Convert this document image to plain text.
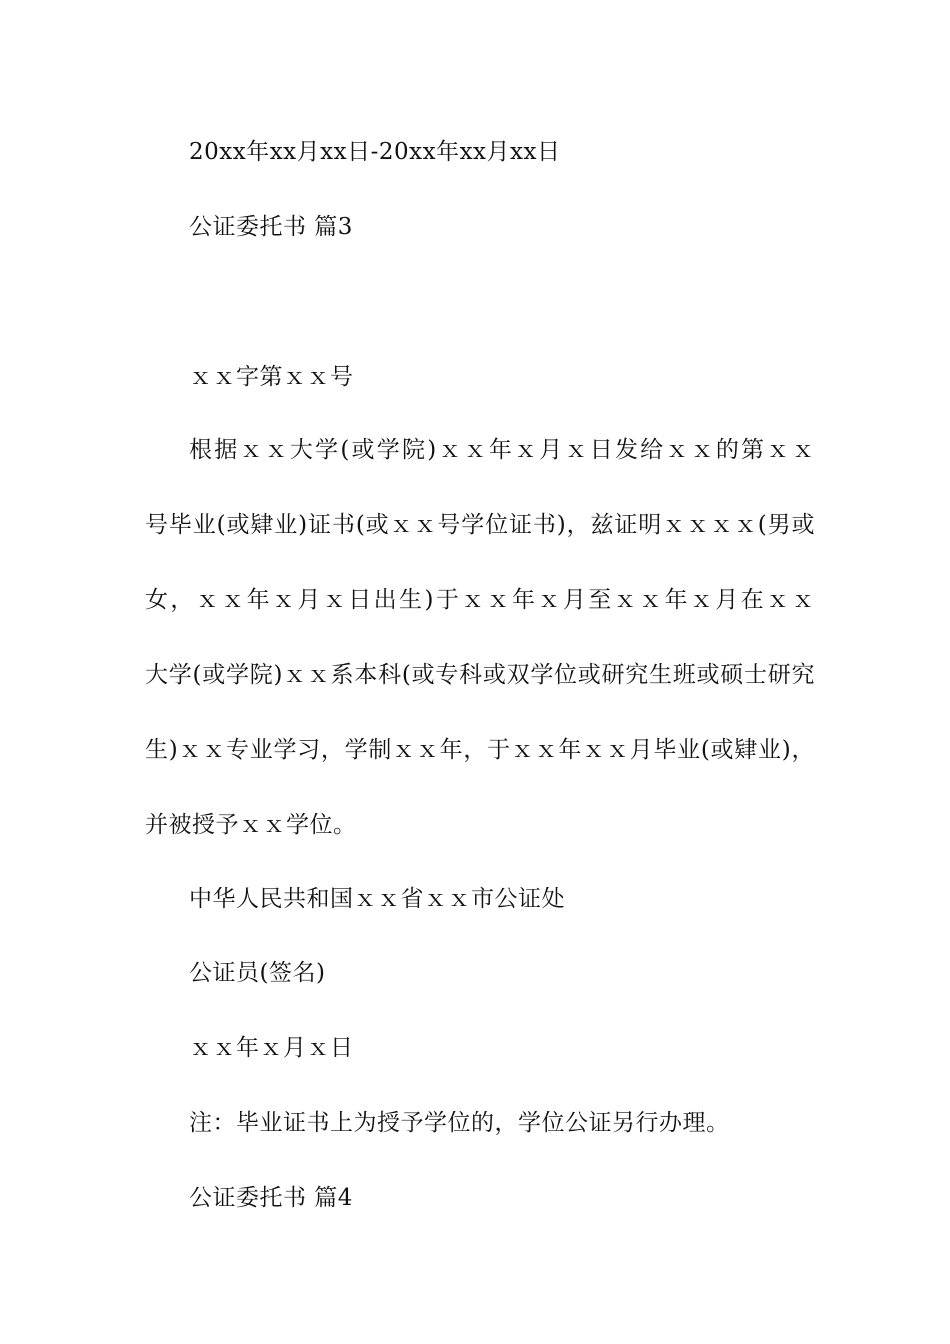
20xx年xx月xx日-20xx年xx月xx日
公证委托书 篇3
ｘｘ字第ｘｘ号
根据ｘｘ大学(或学院)ｘｘ年ｘ月ｘ日发给ｘｘ的第ｘｘ
号毕业(或肄业)证书(或ｘｘ号学位证书)，兹证明ｘｘｘｘ(男或
女，ｘｘ年ｘ月ｘ日出生)于ｘｘ年ｘ月至ｘｘ年ｘ月在ｘｘ
大学(或学院)ｘｘ系本科(或专科或双学位或研究生班或硕士研究
生)ｘｘ专业学习，学制ｘｘ年，于ｘｘ年ｘｘ月毕业(或肄业)，
并被授予ｘｘ学位。
中华人民共和国ｘｘ省ｘｘ市公证处
公证员(签名)
ｘｘ年ｘ月ｘ日
注：毕业证书上为授予学位的，学位公证另行办理。
公证委托书 篇4
